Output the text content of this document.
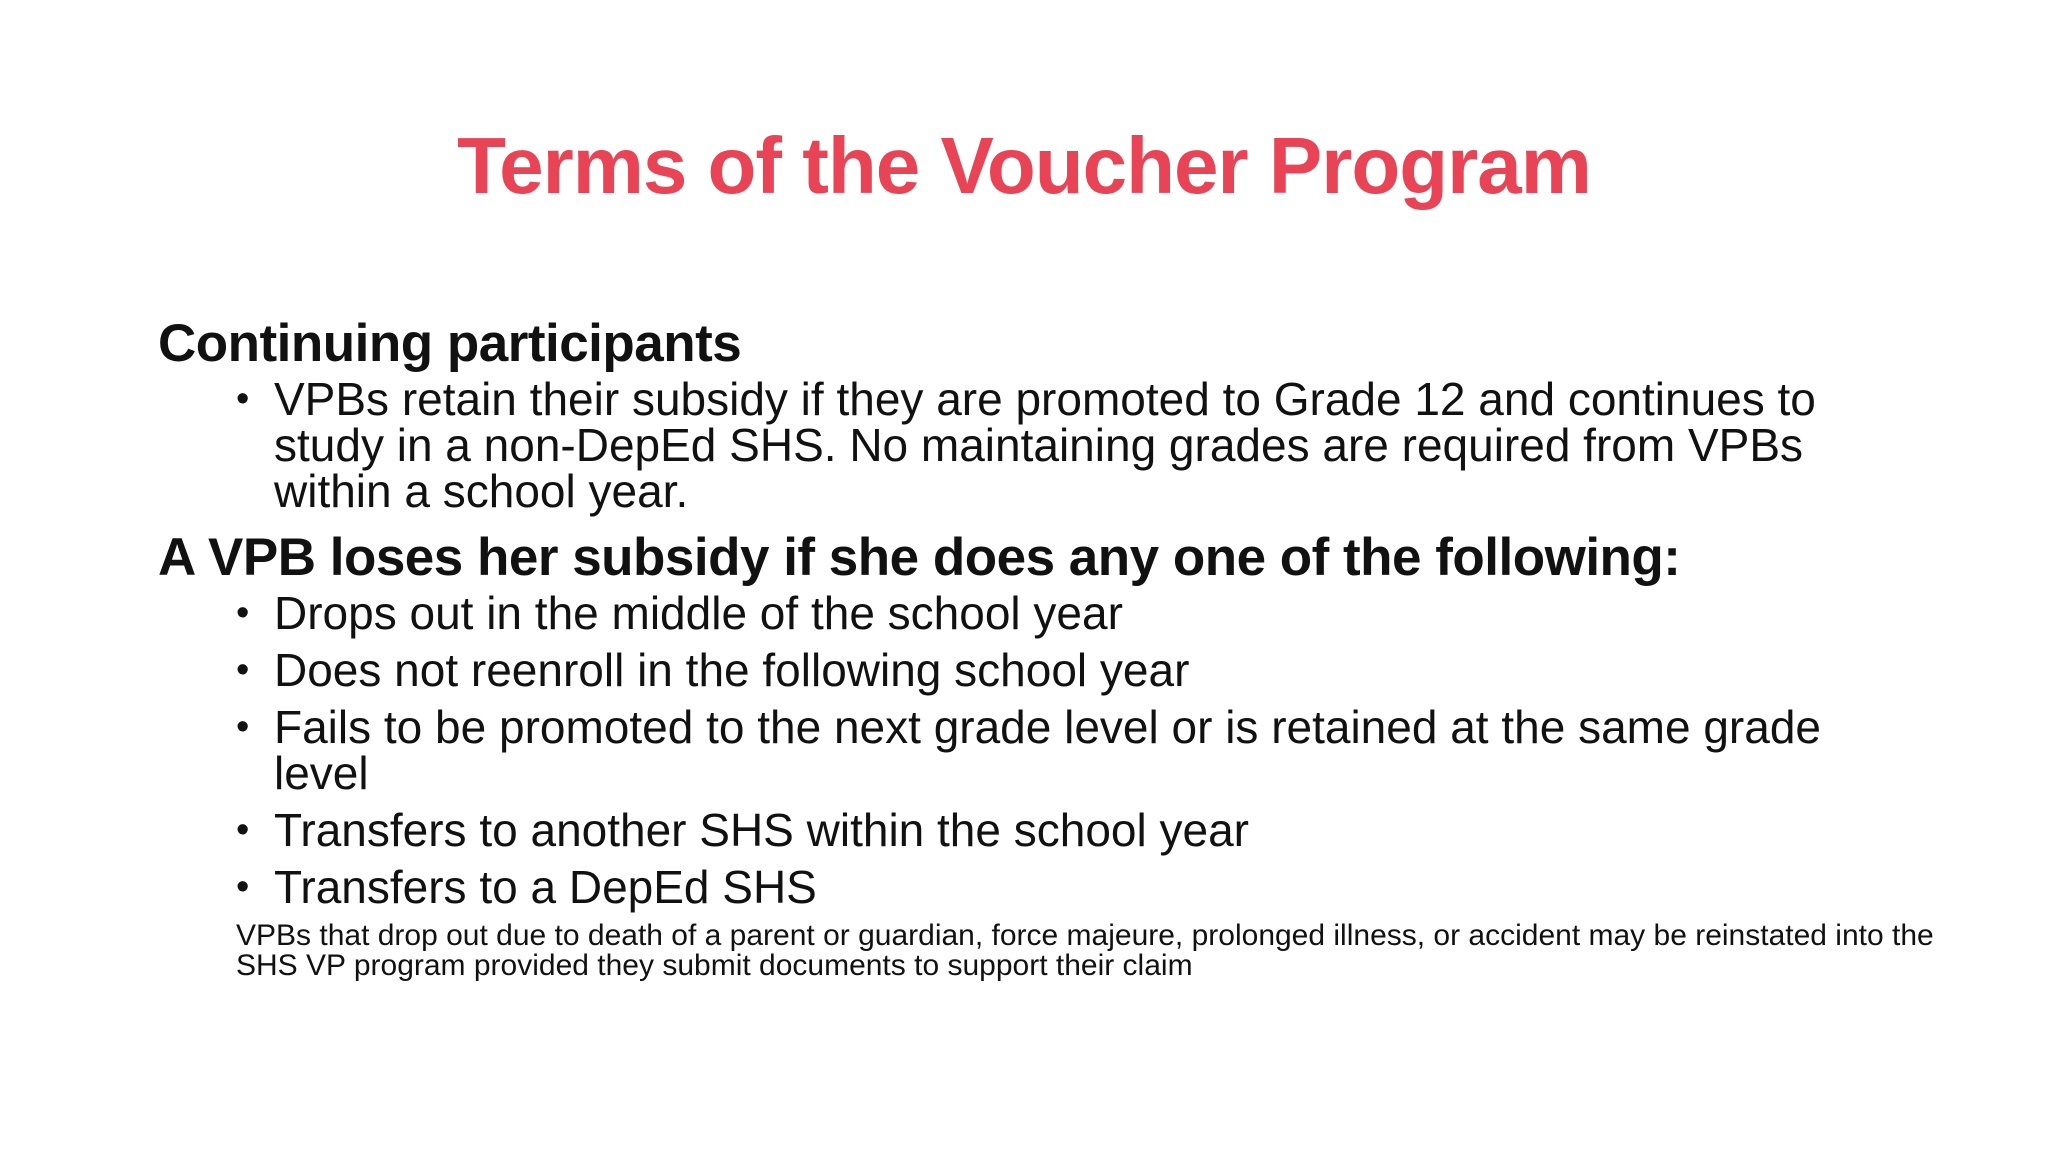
Terms of the Voucher Program
Continuing participants
• VPBs retain their subsidy if they are promoted to Grade 12 and continues to study in a non-DepEd SHS. No maintaining grades are required from VPBs within a school year.
A VPB loses her subsidy if she does any one of the following:
• Drops out in the middle of the school year
• Does not reenroll in the following school year
• Fails to be promoted to the next grade level or is retained at the same grade level
• Transfers to another SHS within the school year
• Transfers to a DepEd SHS

VPBs that drop out due to death of a parent or guardian, force majeure, prolonged illness, or accident may be reinstated into the SHS VP program provided they submit documents to support their claim
